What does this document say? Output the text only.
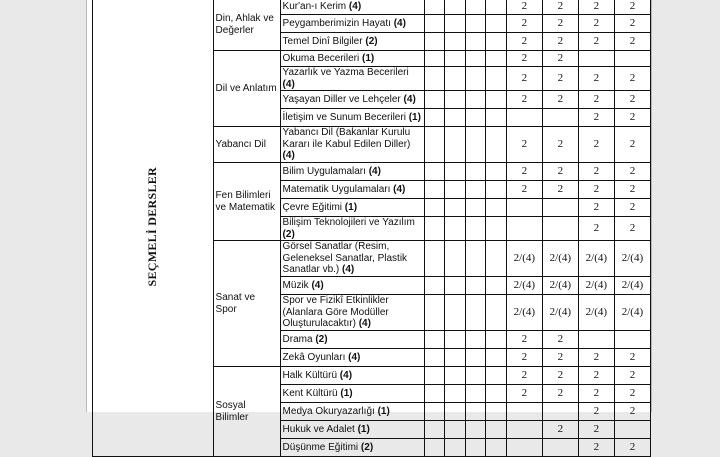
SEÇMELİ DERSLER	Din, Ahlak ve Değerler	Kur'an-ı Kerim (4)					2	2	2	2
		Peygamberimizin Hayatı (4)					2	2	2	2
		Temel Dinî Bilgiler (2)					2	2	2	2
	Dil ve Anlatım	Okuma Becerileri (1)					2	2		
		Yazarlık ve Yazma Becerileri (4)					2	2	2	2
		Yaşayan Diller ve Lehçeler (4)					2	2	2	2
		İletişim ve Sunum Becerileri (1)							2	2
	Yabancı Dil	Yabancı Dil (Bakanlar Kurulu Kararı ile Kabul Edilen Diller) (4)					2	2	2	2
	Fen Bilimleri ve Matematik	Bilim Uygulamaları (4)					2	2	2	2
		Matematik Uygulamaları (4)					2	2	2	2
		Çevre Eğitimi (1)							2	2
		Bilişim Teknolojileri ve Yazılım (2)							2	2
	Sanat ve Spor	Görsel Sanatlar (Resim, Geleneksel Sanatlar, Plastik Sanatlar vb.) (4)					2/(4)	2/(4)	2/(4)	2/(4)
		Müzik (4)					2/(4)	2/(4)	2/(4)	2/(4)
		Spor ve Fizikî Etkinlikler (Alanlara Göre Modüller Oluşturulacaktır) (4)					2/(4)	2/(4)	2/(4)	2/(4)
		Drama (2)					2	2		
		Zekâ Oyunları (4)					2	2	2	2
	Sosyal Bilimler	Halk Kültürü (4)					2	2	2	2
		Kent Kültürü (1)					2	2	2	2
		Medya Okuryazarlığı (1)							2	2
		Hukuk ve Adalet (1)						2	2	
		Düşünme Eğitimi (2)							2	2
